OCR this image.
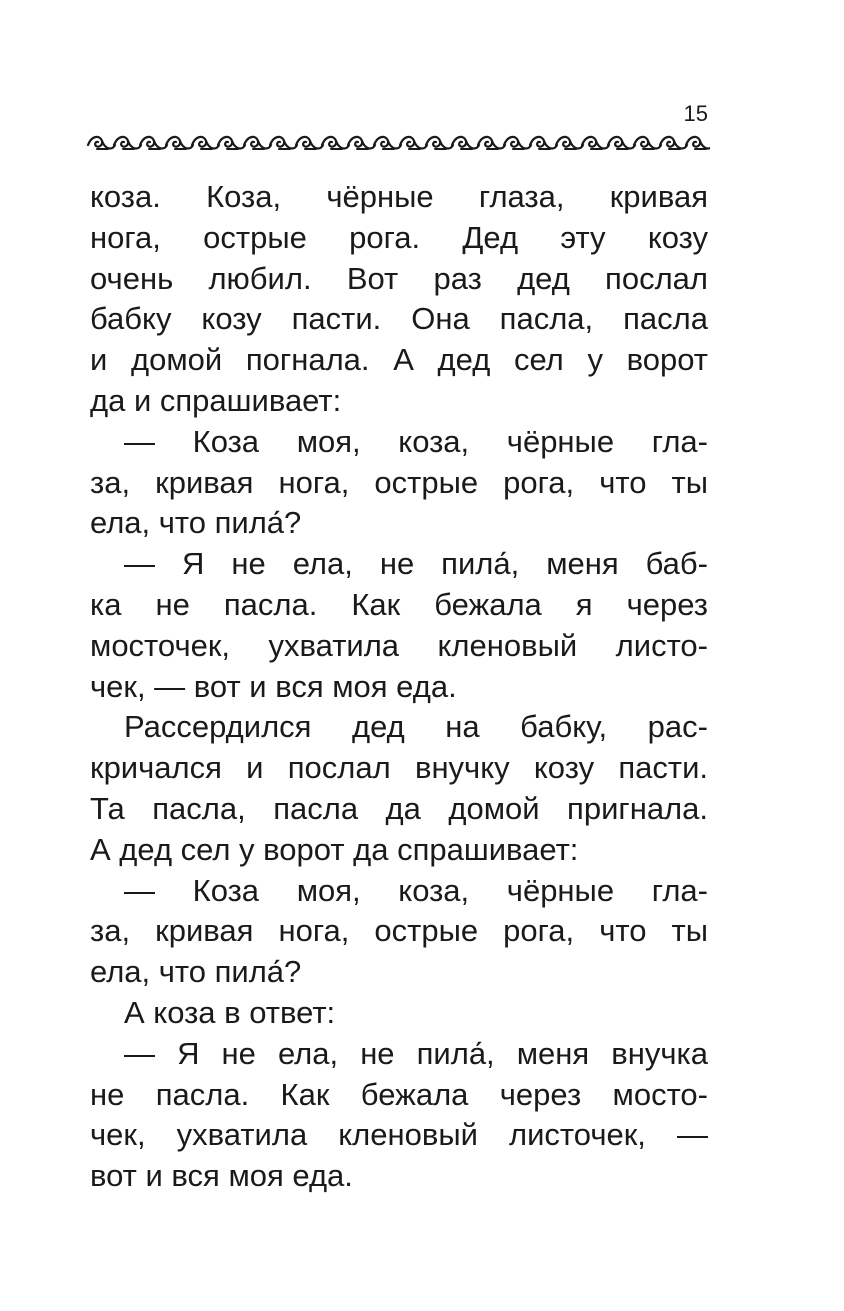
15
коза. Коза, чёрные глаза, кривая
нога, острые рога. Дед эту козу
очень любил. Вот раз дед послал
бабку козу пасти. Она пасла, пасла
и домой погнала. А дед сел у ворот
да и спрашивает:
— Коза моя, коза, чёрные гла-
за, кривая нога, острые рога, что ты
ела, что пила́?
— Я не ела, не пила́, меня баб-
ка не пасла. Как бежала я через
мосточек, ухватила кленовый листо-
чек, — вот и вся моя еда.
Рассердился дед на бабку, рас-
кричался и послал внучку козу пасти.
Та пасла, пасла да домой пригнала.
А дед сел у ворот да спрашивает:
— Коза моя, коза, чёрные гла-
за, кривая нога, острые рога, что ты
ела, что пила́?
А коза в ответ:
— Я не ела, не пила́, меня внучка
не пасла. Как бежала через мосто-
чек, ухватила кленовый листочек, —
вот и вся моя еда.
